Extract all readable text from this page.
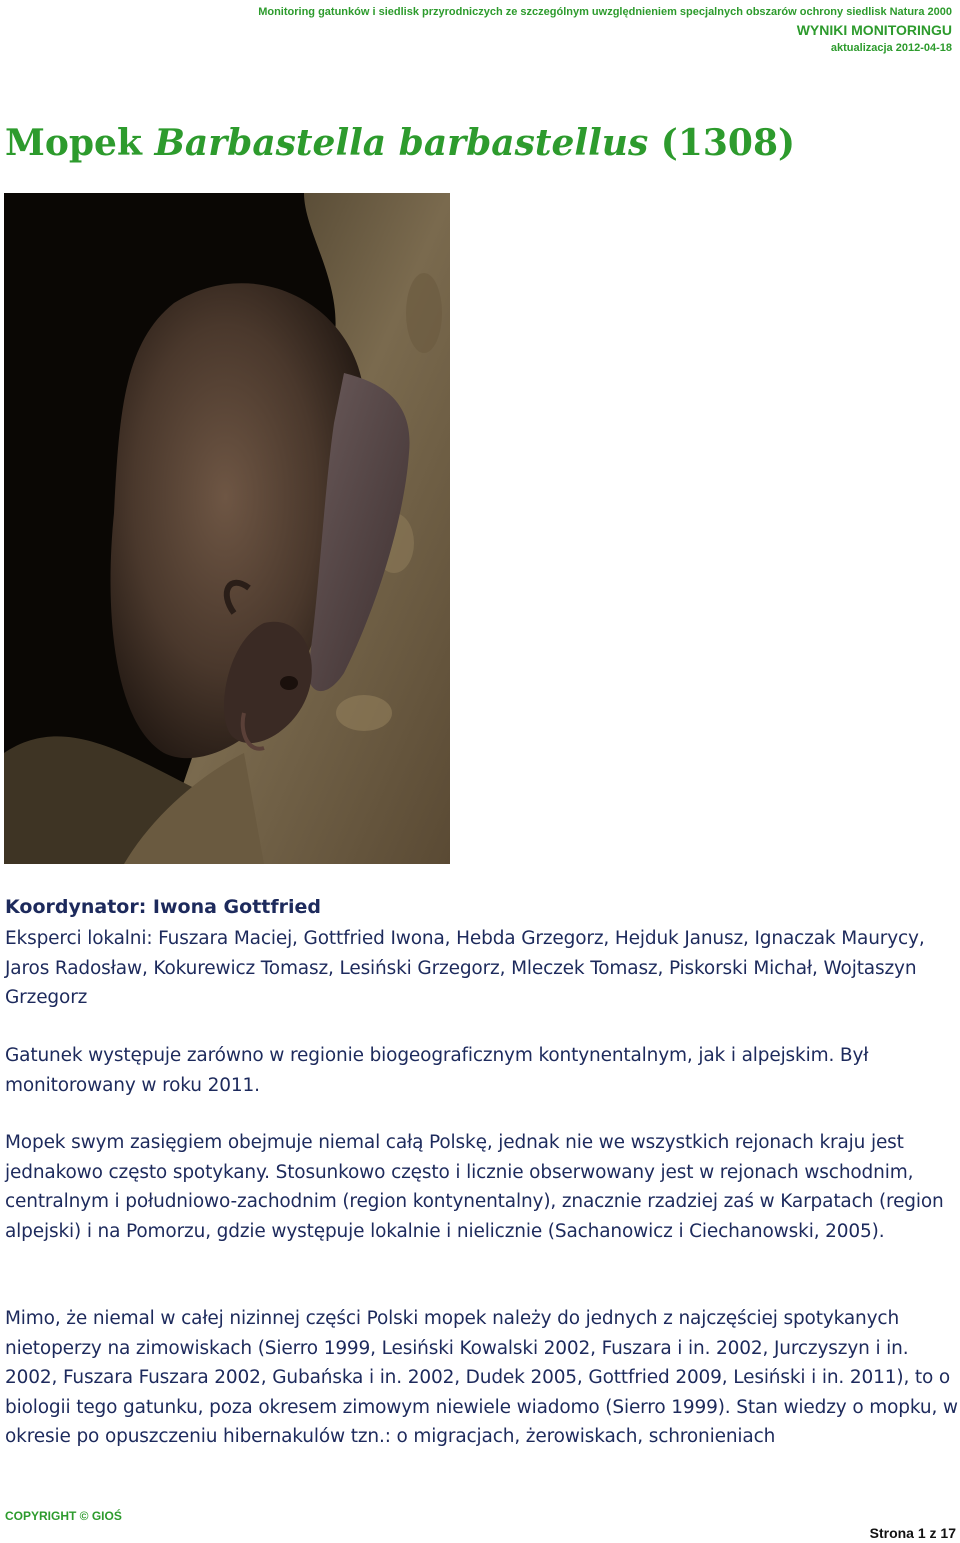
Monitoring gatunków i siedlisk przyrodniczych ze szczególnym uwzględnieniem specjalnych obszarów ochrony siedlisk Natura 2000
WYNIKI MONITORINGU
aktualizacja 2012-04-18
Mopek Barbastella barbastellus (1308)
Koordynator: Iwona Gottfried

Eksperci lokalni: Fuszara Maciej, Gottfried Iwona, Hebda Grzegorz, Hejduk Janusz, Ignaczak Maurycy, Jaros Radosław, Kokurewicz Tomasz, Lesiński Grzegorz, Mleczek Tomasz, Piskorski Michał, Wojtaszyn Grzegorz

Gatunek występuje zarówno w regionie biogeograficznym kontynentalnym, jak i alpejskim. Był monitorowany w roku 2011.

Mopek swym zasięgiem obejmuje niemal całą Polskę, jednak nie we wszystkich rejonach kraju jest jednakowo często spotykany. Stosunkowo często i licznie obserwowany jest w rejonach wschodnim, centralnym i południowo-zachodnim (region kontynentalny), znacznie rzadziej zaś w Karpatach (region alpejski) i na Pomorzu, gdzie występuje lokalnie i nielicznie (Sachanowicz i Ciechanowski, 2005).

Mimo, że niemal w całej nizinnej części Polski mopek należy do jednych z najczęściej spotykanych nietoperzy na zimowiskach (Sierro 1999, Lesiński Kowalski 2002, Fuszara i in. 2002, Jurczyszyn i in. 2002, Fuszara Fuszara 2002, Gubańska i in. 2002, Dudek 2005, Gottfried 2009, Lesiński i in. 2011), to o biologii tego gatunku, poza okresem zimowym niewiele wiadomo (Sierro 1999). Stan wiedzy o mopku, w okresie po opuszczeniu hibernakulów tzn.: o migracjach, żerowiskach, schronieniach

COPYRIGHT © GIOŚ
Strona 1 z 17
